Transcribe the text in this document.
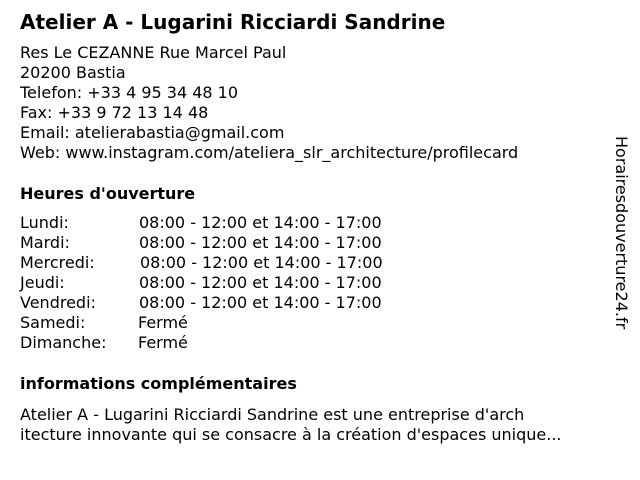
Atelier A - Lugarini Ricciardi Sandrine
Res Le CEZANNE Rue Marcel Paul
20200 Bastia
Telefon: +33 4 95 34 48 10
Fax: +33 9 72 13 14 48
Email: atelierabastia@gmail.com
Web: www.instagram.com/ateliera_slr_architecture/profilecard
Heures d'ouverture
Lundi:	08:00 - 12:00 et 14:00 - 17:00
Mardi:	08:00 - 12:00 et 14:00 - 17:00
Mercredi:	08:00 - 12:00 et 14:00 - 17:00
Jeudi:	08:00 - 12:00 et 14:00 - 17:00
Vendredi:	08:00 - 12:00 et 14:00 - 17:00
Samedi:	Fermé
Dimanche: Fermé
informations complémentaires
Atelier A - Lugarini Ricciardi Sandrine est une entreprise d'arch
itecture innovante qui se consacre à la création d'espaces unique...
Horairesdouverture24.fr
